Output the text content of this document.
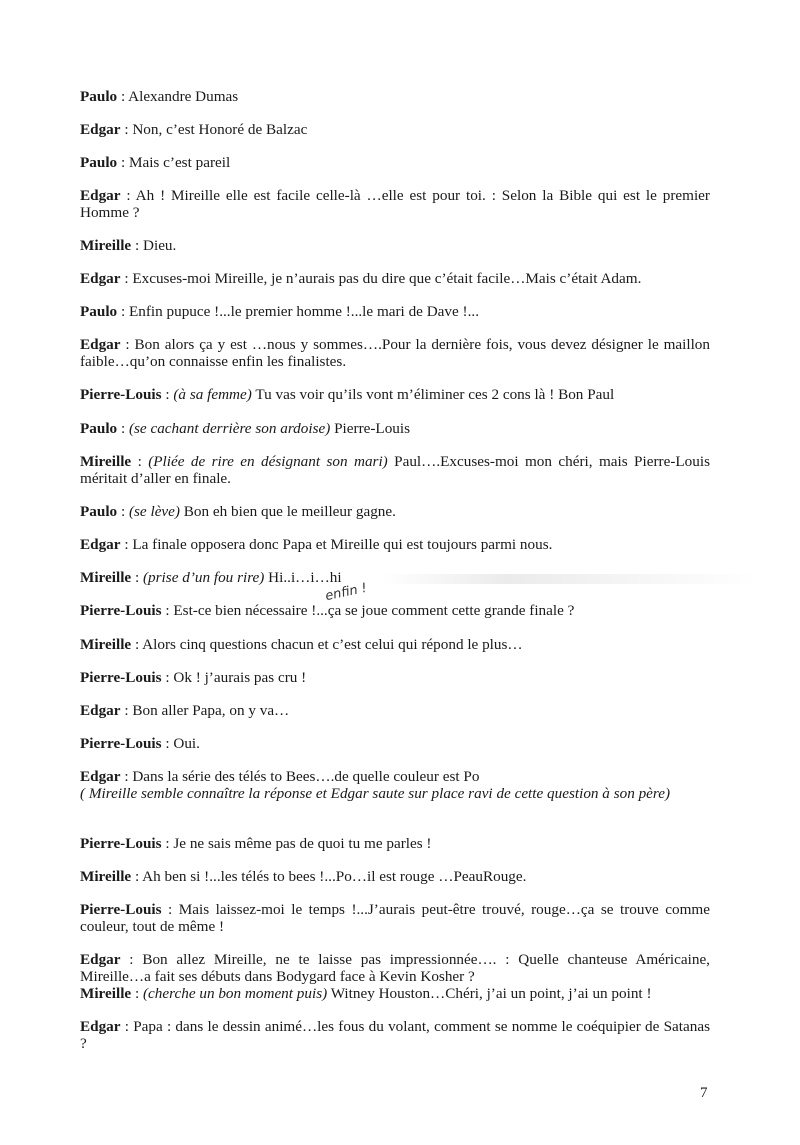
Paulo : Alexandre Dumas
Edgar : Non, c’est Honoré de Balzac
Paulo : Mais c’est pareil
Edgar : Ah ! Mireille elle est facile celle-là …elle est pour toi. : Selon la Bible qui est le premier Homme ?
Mireille : Dieu.
Edgar : Excuses-moi Mireille, je n’aurais pas du dire que c’était facile…Mais c’était Adam.
Paulo : Enfin pupuce !...le premier homme !...le mari de Dave !...
Edgar : Bon alors ça y est …nous y sommes….Pour la dernière fois, vous devez désigner le maillon faible…qu’on connaisse enfin les finalistes.
Pierre-Louis : (à sa femme) Tu vas voir qu’ils vont m’éliminer ces 2 cons là ! Bon Paul
Paulo : (se cachant derrière son ardoise) Pierre-Louis
Mireille : (Pliée de rire en désignant son mari) Paul….Excuses-moi mon chéri, mais Pierre-Louis méritait d’aller en finale.
Paulo : (se lève) Bon eh bien que le meilleur gagne.
Edgar : La finale opposera donc Papa et Mireille qui est toujours parmi nous.
Mireille : (prise d’un fou rire) Hi..i…i…hi
enfin !
Pierre-Louis : Est-ce bien nécessaire !...ça se joue comment cette grande finale ?
Mireille : Alors cinq questions chacun et c’est celui qui répond le plus…
Pierre-Louis : Ok ! j’aurais pas cru !
Edgar : Bon aller Papa, on y va…
Pierre-Louis : Oui.
Edgar : Dans la série des télés to Bees….de quelle couleur est Po
( Mireille semble connaître la réponse et Edgar saute sur place ravi de cette question à son père)
Pierre-Louis : Je ne sais même pas de quoi tu me parles !
Mireille : Ah ben si !...les télés to bees !...Po…il est rouge …PeauRouge.
Pierre-Louis : Mais laissez-moi le temps !...J’aurais peut-être trouvé, rouge…ça se trouve comme couleur, tout de même !
Edgar : Bon allez Mireille, ne te laisse pas impressionnée…. : Quelle chanteuse Américaine, Mireille…a fait ses débuts dans Bodygard face à Kevin Kosher ?
Mireille : (cherche un bon moment puis) Witney Houston…Chéri, j’ai un point, j’ai un point !
Edgar : Papa : dans le dessin animé…les fous du volant, comment se nomme le coéquipier de Satanas ?
7
